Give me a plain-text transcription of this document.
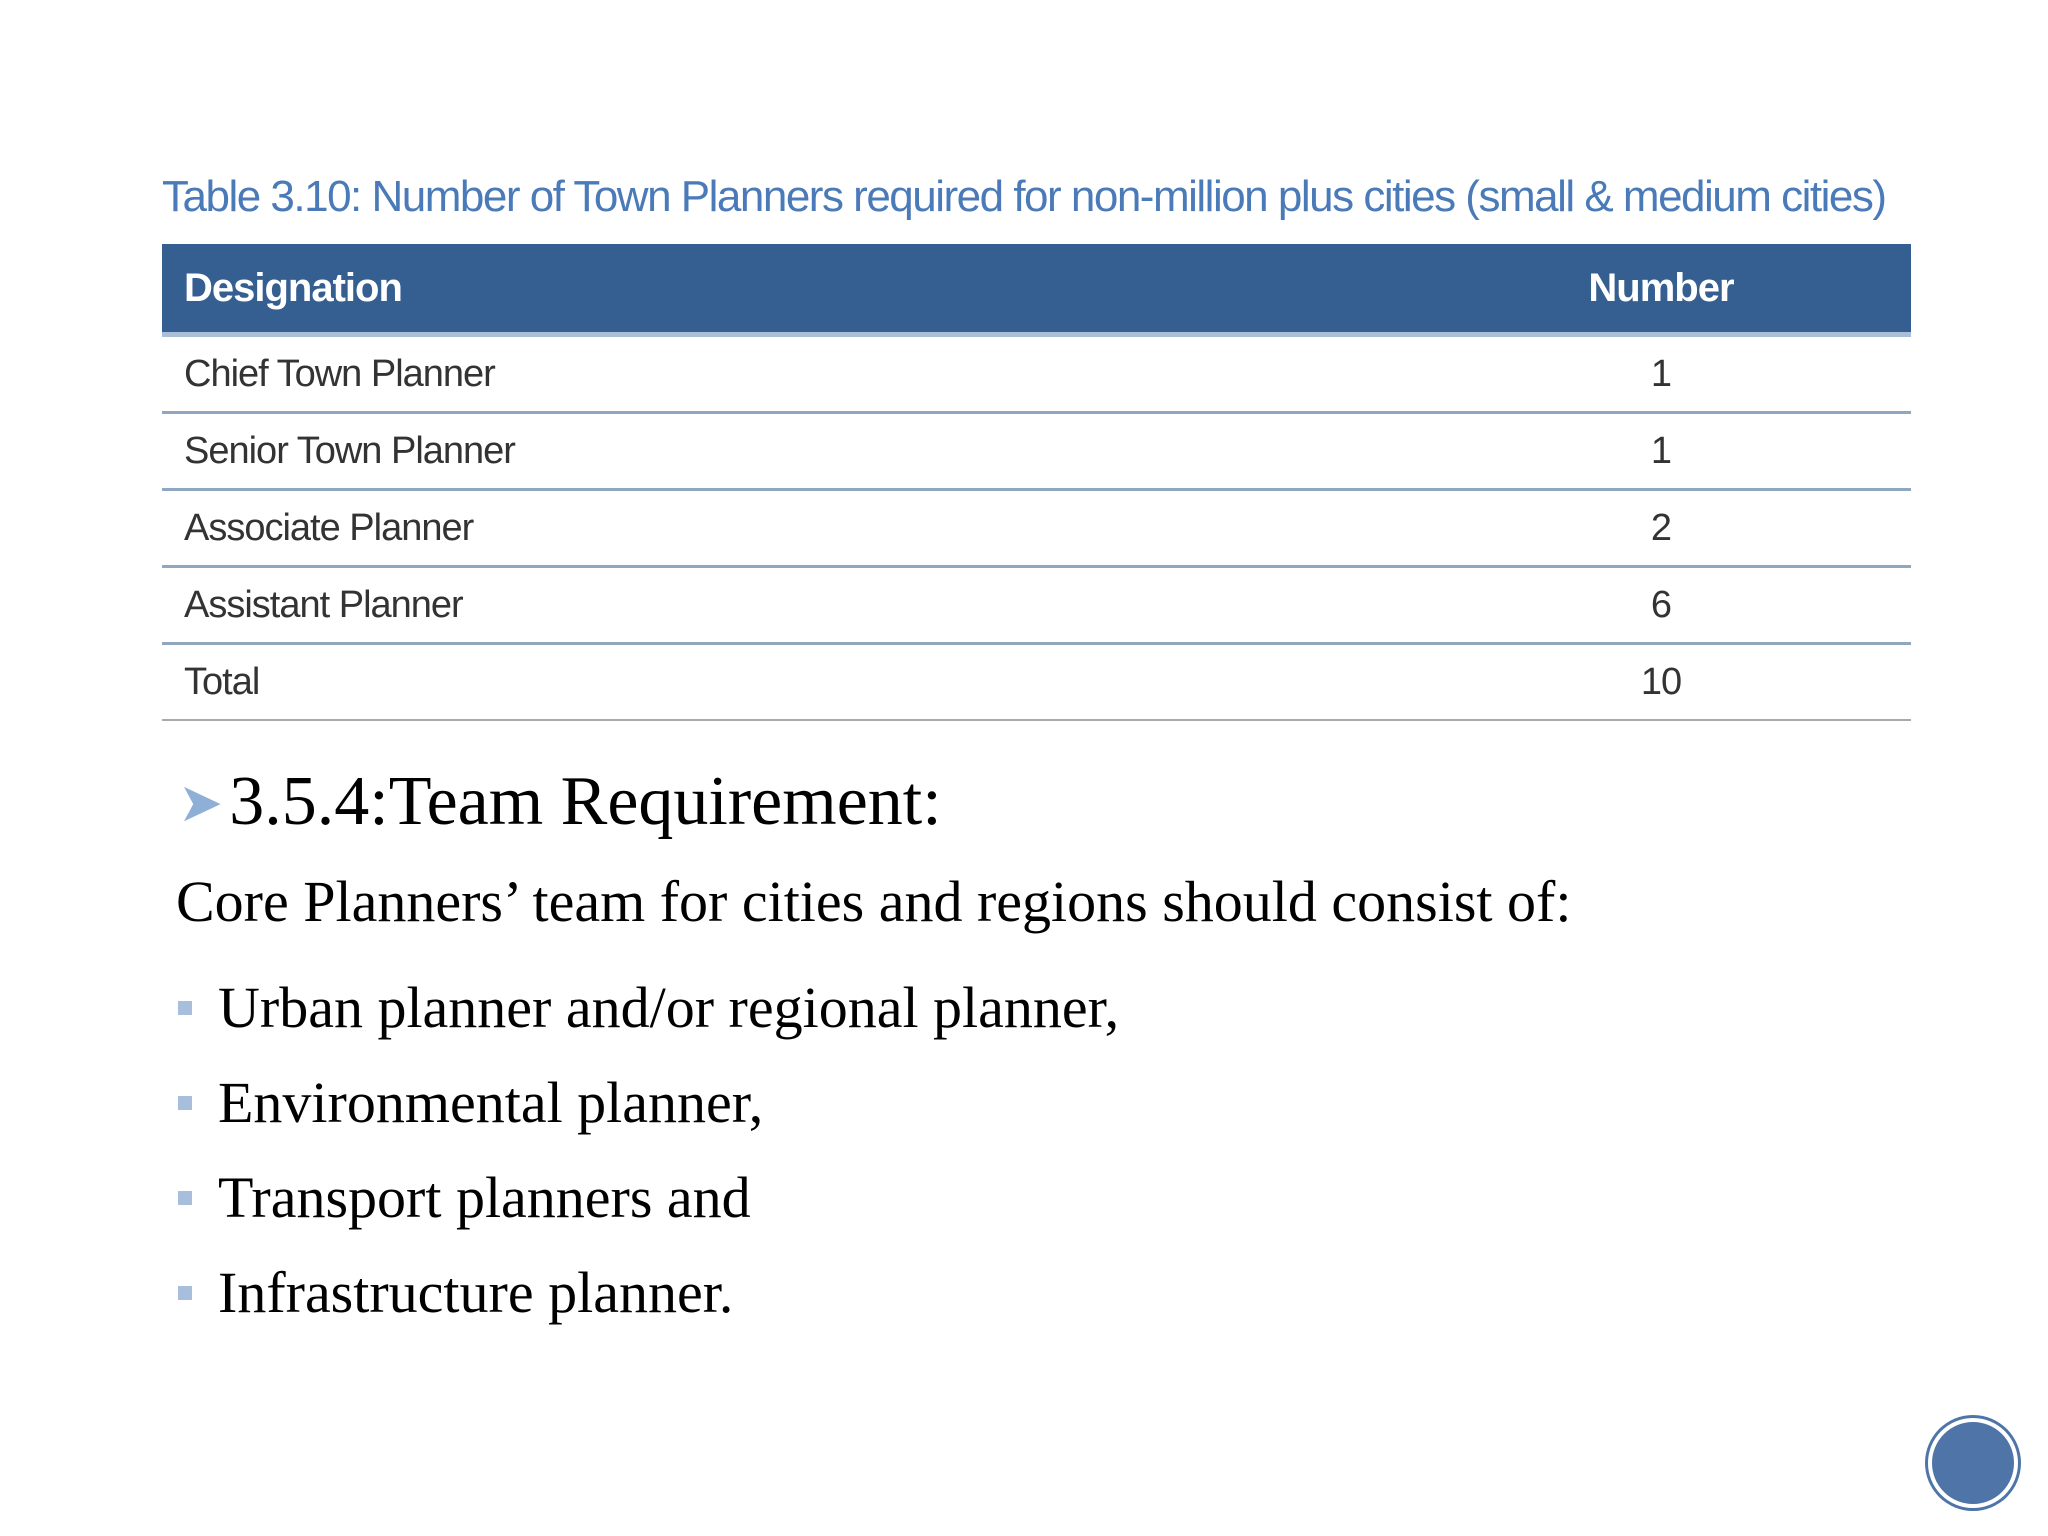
Table 3.10: Number of Town Planners required for non-million plus cities (small & medium cities)
Designation	Number
Chief Town Planner	1
Senior Town Planner	1
Associate Planner	2
Assistant Planner	6
Total	10
➤ 3.5.4:Team Requirement:
Core Planners’ team for cities and regions should consist of:
Urban planner and/or regional planner,
Environmental planner,
Transport planners and
Infrastructure planner.
